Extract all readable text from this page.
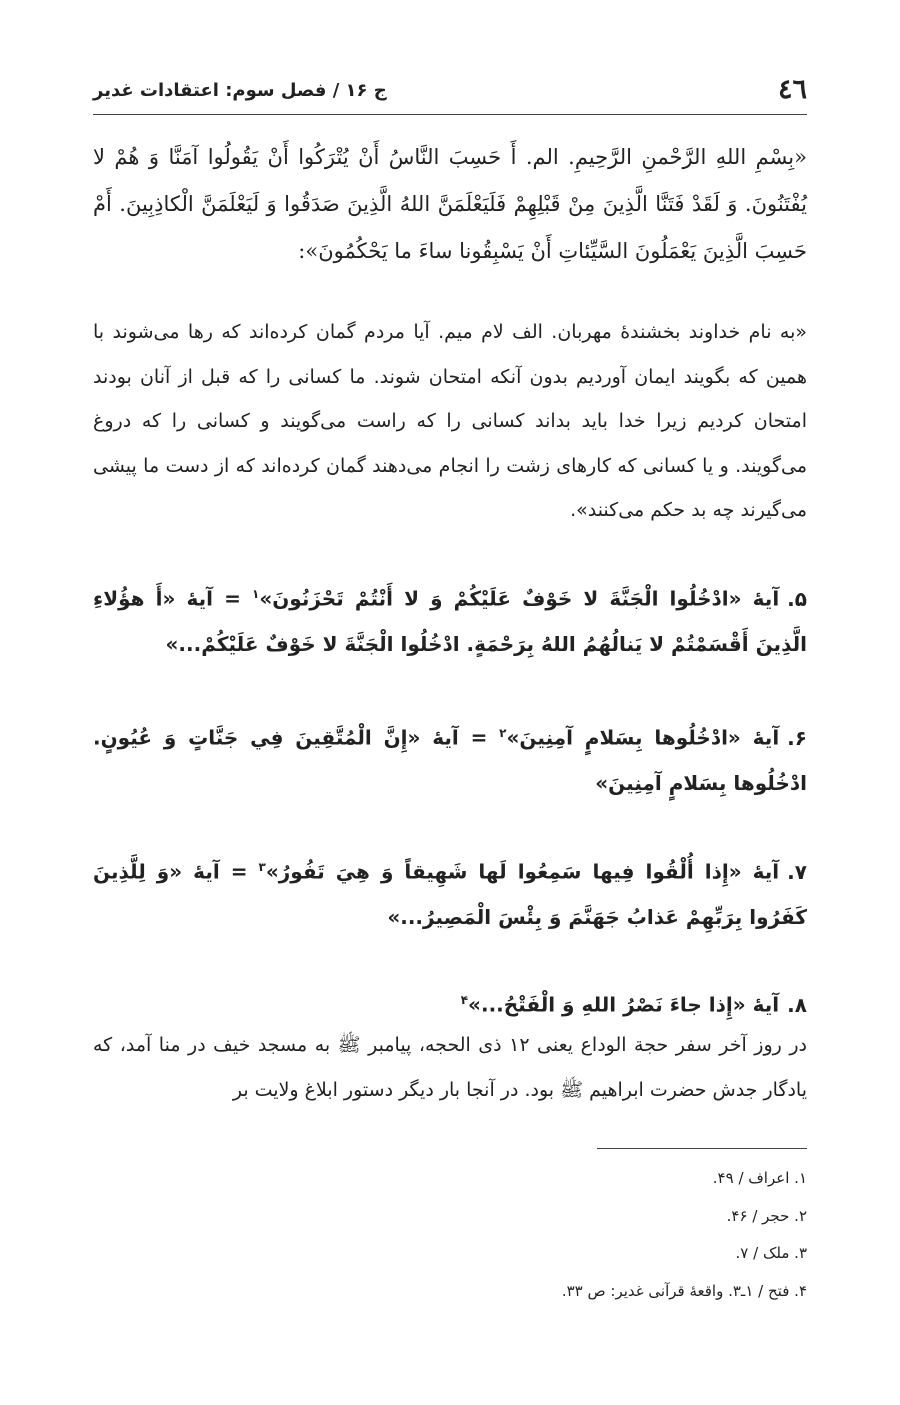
٤٦
ج ۱۶ / فصل سوم: اعتقادات غدیر
«بِسْمِ اللهِ الرَّحْمنِ الرَّحِيمِ. الم. أَ حَسِبَ النَّاسُ أَنْ يُتْرَكُوا أَنْ يَقُولُوا آمَنَّا وَ هُمْ لا يُفْتَنُونَ. وَ لَقَدْ فَتَنَّا الَّذِينَ مِنْ قَبْلِهِمْ فَلَيَعْلَمَنَّ اللهُ الَّذِينَ صَدَقُوا وَ لَيَعْلَمَنَّ الْكاذِبِينَ. أَمْ حَسِبَ الَّذِينَ يَعْمَلُونَ السَّيِّئاتِ أَنْ يَسْبِقُونا ساءَ ما يَحْكُمُونَ»:
«به نام خداوند بخشندهٔ مهربان. الف لام میم. آیا مردم گمان کرده‌اند که رها می‌شوند با همین که بگویند ایمان آوردیم بدون آنکه امتحان شوند. ما کسانی را که قبل از آنان بودند امتحان کردیم زیرا خدا باید بداند کسانی را که راست می‌گویند و کسانی را که دروغ می‌گویند. و یا کسانی که کارهای زشت را انجام می‌دهند گمان کرده‌اند که از دست ما پیشی می‌گیرند چه بد حکم می‌کنند».
۵.آیهٔ «ادْخُلُوا الْجَنَّةَ لا خَوْفٌ عَلَيْكُمْ وَ لا أَنْتُمْ تَحْزَنُونَ»$^۱$ = آیهٔ «أَ هؤُلاءِ الَّذِينَ أَقْسَمْتُمْ لا يَنالُهُمُ اللهُ بِرَحْمَةٍ. ادْخُلُوا الْجَنَّةَ لا خَوْفٌ عَلَيْكُمْ...»
۶.آیهٔ «ادْخُلُوها بِسَلامٍ آمِنِينَ»$^۲$ = آیهٔ «إِنَّ الْمُتَّقِينَ فِي جَنَّاتٍ وَ عُيُونٍ. ادْخُلُوها بِسَلامٍ آمِنِينَ»
۷.آیهٔ «إِذا أُلْقُوا فِيها سَمِعُوا لَها شَهِيقاً وَ هِيَ تَفُورُ»$^۳$ = آیهٔ «وَ لِلَّذِينَ كَفَرُوا بِرَبِّهِمْ عَذابُ جَهَنَّمَ وَ بِئْسَ الْمَصِيرُ...»
۸.آیهٔ «إِذا جاءَ نَصْرُ اللهِ وَ الْفَتْحُ...»$^۴$
در روز آخر سفر حجة الوداع یعنی ۱۲ ذی الحجه، پیامبر ﷺ به مسجد خیف در منا آمد، که یادگار جدش حضرت ابراهیم ﷺ بود. در آنجا بار دیگر دستور ابلاغ ولایت بر
۱. اعراف / ۴۹.
۲. حجر / ۴۶.
۳. ملک / ۷.
۴. فتح / ۱ـ۳. واقعهٔ قرآنی غدیر: ص ۳۳.
